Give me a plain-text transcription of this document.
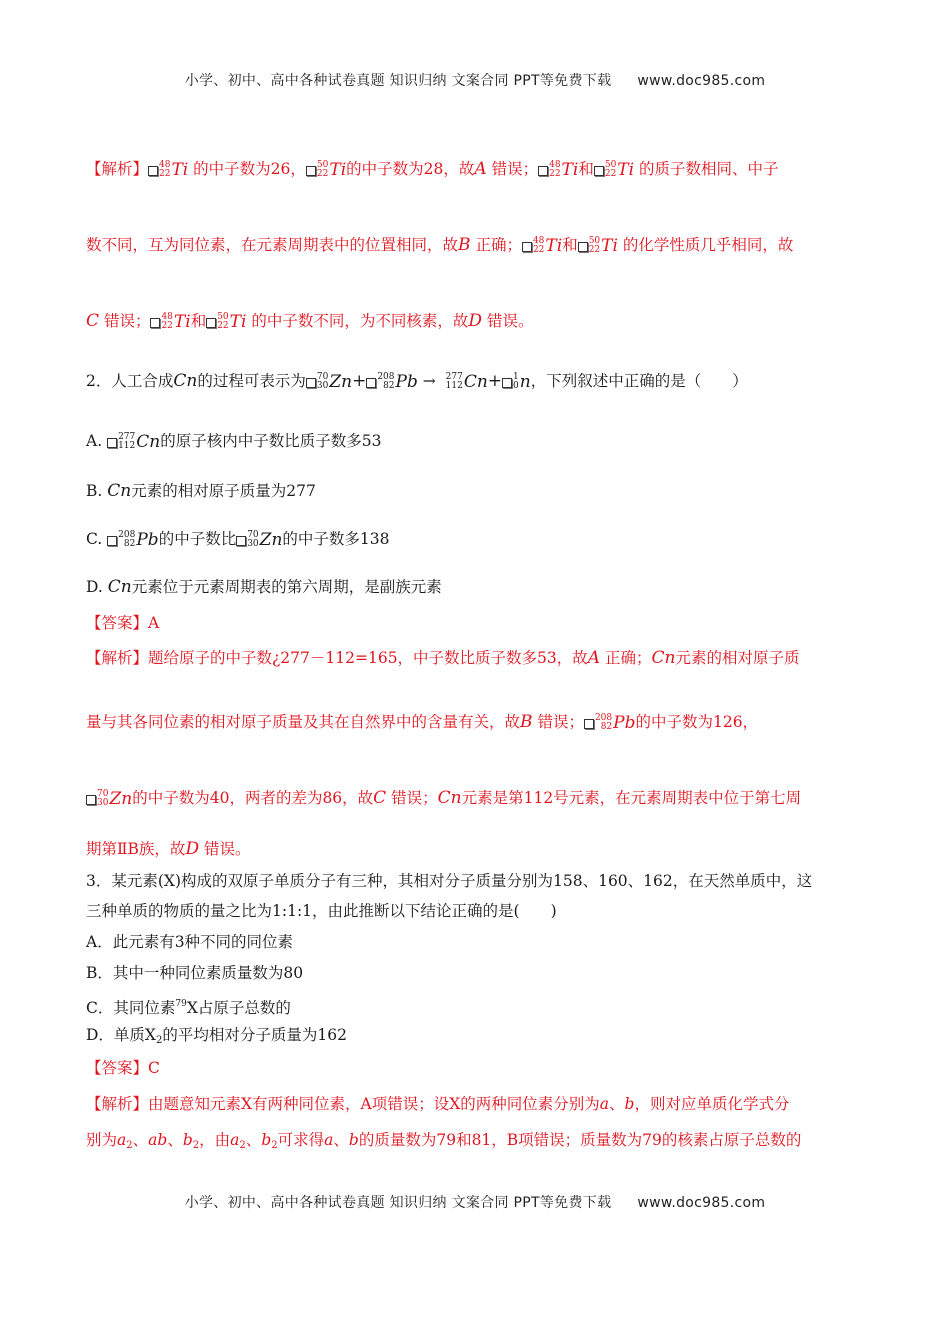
小学、初中、高中各种试卷真题 知识归纳 文案合同 PPT等免费下载 www.doc985.com
【解析】 48
22 Ti 的中子数为26， 50
22 Ti 的中子数为28，故A 错误； 48
22 Ti 和 50
22 Ti 的质子数相同、中子
数不同，互为同位素，在元素周期表中的位置相同，故B 正确； 48
22 Ti 和 50
22 Ti 的化学性质几乎相同，故
C 错误； 48
22 Ti 和 50
22 Ti 的中子数不同，为不同核素，故D 错误。
2．人工合成Cn的过程可表示为 70
30 Zn + 208
82 Pb → 277
112 Cn + 1
0 n ，下列叙述中正确的是（　　）
A. 277
112 Cn 的原子核内中子数比质子数多53
B. Cn元素的相对原子质量为277
C. 208
82 Pb 的中子数比 70
30 Zn 的中子数多138
D. Cn元素位于元素周期表的第六周期，是副族元素
【答案】A
【解析】题给原子的中子数¿277－112=165，中子数比质子数多53，故A 正确；Cn元素的相对原子质
量与其各同位素的相对原子质量及其在自然界中的含量有关，故B 错误； 208
82 Pb 的中子数为126，
70
30 Zn 的中子数为40，两者的差为86，故C 错误；Cn元素是第112号元素，在元素周期表中位于第七周
期第ⅡB族，故D 错误。
3．某元素(X)构成的双原子单质分子有三种，其相对分子质量分别为158、160、162，在天然单质中，这
三种单质的物质的量之比为1:1:1，由此推断以下结论正确的是(　　)
A．此元素有3种不同的同位素
B．其中一种同位素质量数为80
C．其同位素$^{79}$X占原子总数的
D．单质$X_2$的平均相对分子质量为162
【答案】C
【解析】由题意知元素X有两种同位素，A项错误；设X的两种同位素分别为a、b，则对应单质化学式分
别为$a_2$、ab、$b_2$，由$a_2$、$b_2$可求得a、b的质量数为79和81，B项错误；质量数为79的核素占原子总数的
小学、初中、高中各种试卷真题 知识归纳 文案合同 PPT等免费下载 www.doc985.com
